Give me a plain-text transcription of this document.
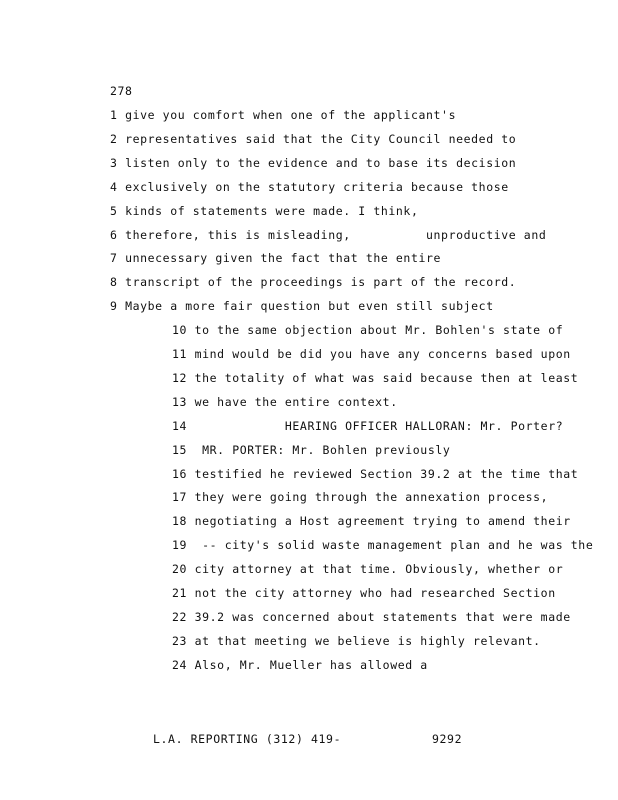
278
1 give you comfort when one of the applicant's
2 representatives said that the City Council needed to
3 listen only to the evidence and to base its decision
4 exclusively on the statutory criteria because those
5 kinds of statements were made. I think,
6 therefore, this is misleading,          unproductive and
7 unnecessary given the fact that the entire
8 transcript of the proceedings is part of the record.
9 Maybe a more fair question but even still subject
10 to the same objection about Mr. Bohlen's state of
11 mind would be did you have any concerns based upon
12 the totality of what was said because then at least
13 we have the entire context.
14             HEARING OFFICER HALLORAN: Mr. Porter?
15  MR. PORTER: Mr. Bohlen previously
16 testified he reviewed Section 39.2 at the time that
17 they were going through the annexation process,
18 negotiating a Host agreement trying to amend their
19  -- city's solid waste management plan and he was the
20 city attorney at that time. Obviously, whether or
21 not the city attorney who had researched Section
22 39.2 was concerned about statements that were made
23 at that meeting we believe is highly relevant.
24 Also, Mr. Mueller has allowed a
L.A. REPORTING (312) 419-	9292
